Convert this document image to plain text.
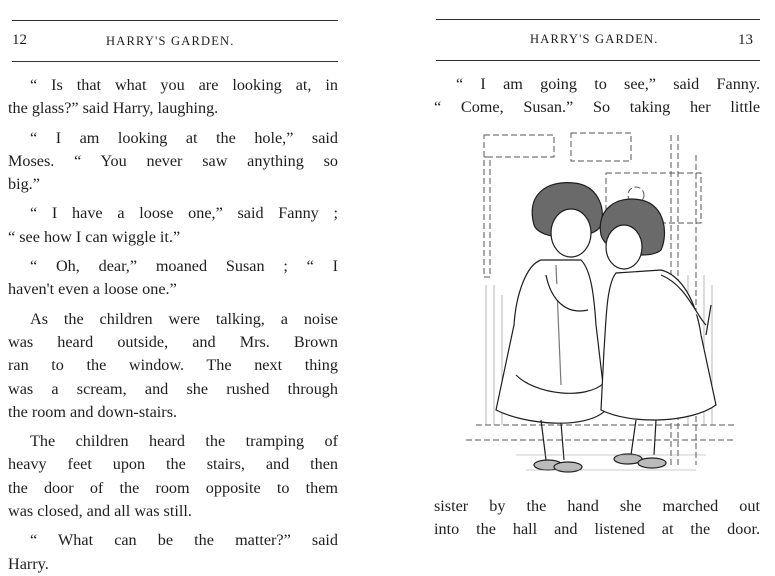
12	HARRY'S GARDEN.

“ Is that what you are looking at, in
the glass?” said Harry, laughing.

“ I am looking at the hole,” said
Moses. “ You never saw anything so
big.”

“ I have a loose one,” said Fanny ;
“ see how I can wiggle it.”

“ Oh, dear,” moaned Susan ; “ I
haven't even a loose one.”

As the children were talking, a noise
was heard outside, and Mrs. Brown
ran to the window. The next thing
was a scream, and she rushed through
the room and down-stairs.

The children heard the tramping of
heavy feet upon the stairs, and then
the door of the room opposite to them
was closed, and all was still.

“ What can be the matter?” said
Harry.

HARRY'S GARDEN.	13
“ I am going to see,” said Fanny.
“ Come, Susan.” So taking her little
sister by the hand she marched out
into the hall and listened at the door.
